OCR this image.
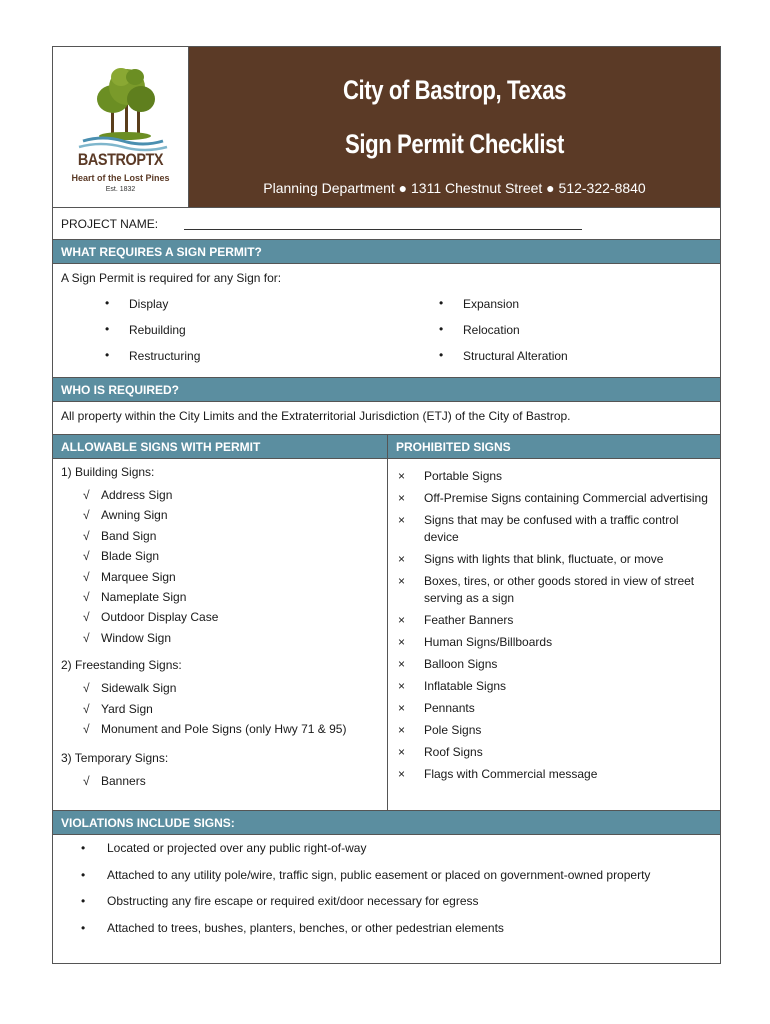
BASTROPTX
Heart of the Lost Pines
Est. 1832
City of Bastrop, Texas
Sign Permit Checklist
Planning Department ● 1311 Chestnut Street ● 512-322-8840
PROJECT NAME:
WHAT REQUIRES A SIGN PERMIT?
A Sign Permit is required for any Sign for:
• Display	• Expansion
• Rebuilding	• Relocation
• Restructuring	• Structural Alteration
WHO IS REQUIRED?
All property within the City Limits and the Extraterritorial Jurisdiction (ETJ) of the City of Bastrop.
ALLOWABLE SIGNS WITH PERMIT
1) Building Signs:
√ Address Sign
√ Awning Sign
√ Band Sign
√ Blade Sign
√ Marquee Sign
√ Nameplate Sign
√ Outdoor Display Case
√ Window Sign
2) Freestanding Signs:
√ Sidewalk Sign
√ Yard Sign
√ Monument and Pole Signs (only Hwy 71 & 95)
3) Temporary Signs:
√ Banners
PROHIBITED SIGNS
× Portable Signs
× Off-Premise Signs containing Commercial advertising
× Signs that may be confused with a traffic control device
× Signs with lights that blink, fluctuate, or move
× Boxes, tires, or other goods stored in view of street serving as a sign
× Feather Banners
× Human Signs/Billboards
× Balloon Signs
× Inflatable Signs
× Pennants
× Pole Signs
× Roof Signs
× Flags with Commercial message
VIOLATIONS INCLUDE SIGNS:
• Located or projected over any public right-of-way
• Attached to any utility pole/wire, traffic sign, public easement or placed on government-owned property
• Obstructing any fire escape or required exit/door necessary for egress
• Attached to trees, bushes, planters, benches, or other pedestrian elements
